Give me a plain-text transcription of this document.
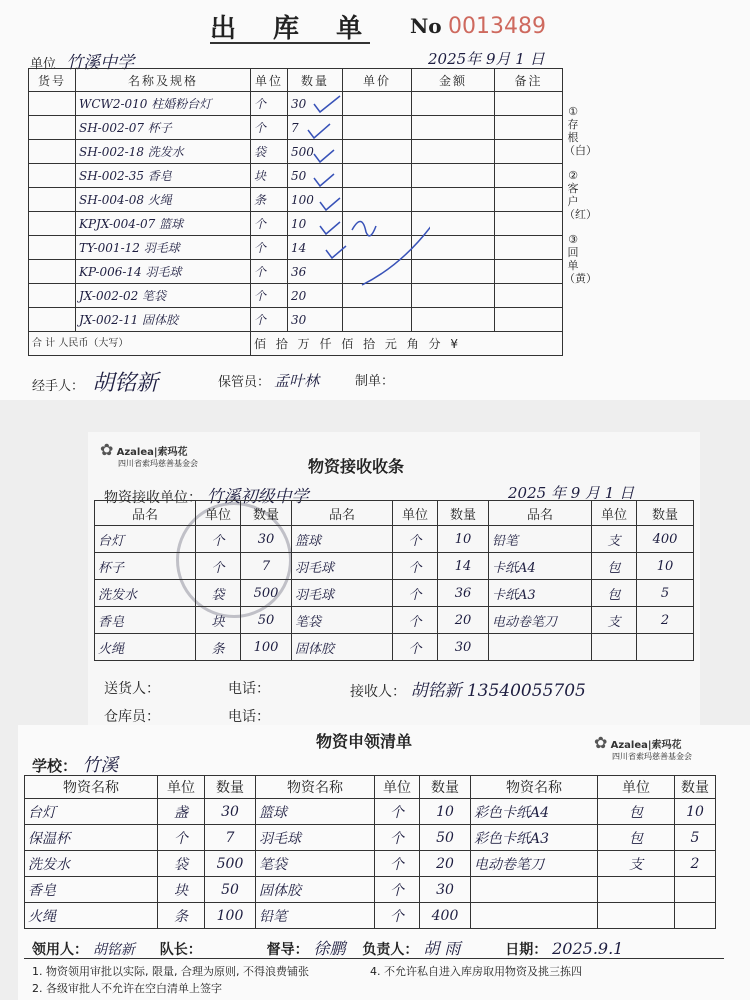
出 库 单 No 0013489
单位 竹溪中学	2025年 9月 1 日
货号	名称及规格	单位	数量	单价	金额	备注
	WCW2-010 柱婚粉台灯	个	30			
	SH-002-07 杯子	个	7			
	SH-002-18 洗发水	袋	500			
	SH-002-35 香皂	块	50			
	SH-004-08 火绳	条	100			
	KPJX-004-07 篮球	个	10			
	TY-001-12 羽毛球	个	14			
	KP-006-14 羽毛球	个	36			
	JX-002-02 笔袋	个	20			
	JX-002-11 固体胶	个	30			
合 计 人民币（大写）		佰 拾 万 仟 佰 拾 元 角 分 ¥				
①存根（白）
②客户（红）
③回单（黄）
经手人： 胡铭新	保管员： 孟叶林	制单：
✿ Azalea|索玛花
四川省索玛慈善基金会	物资接收收条
物资接收单位： 竹溪初级中学	2025 年 9 月 1 日
品名	单位	数量	品名	单位	数量	品名	单位	数量
台灯	个	30	篮球	个	10	铅笔	支	400
杯子	个	7	羽毛球	个	14	卡纸A4	包	10
洗发水	袋	500	羽毛球	个	36	卡纸A3	包	5
香皂	块	50	笔袋	个	20	电动卷笔刀	支	2
火绳	条	100	固体胶	个	30			
送货人：	电话：	接收人： 胡铭新 13540055705
仓库员：	电话：
物资申领清单	✿ Azalea|索玛花
四川省索玛慈善基金会
学校： 竹溪
物资名称	单位	数量	物资名称	单位	数量	物资名称	单位	数量
台灯	盏	30	篮球	个	10	彩色卡纸A4	包	10
保温杯	个	7	羽毛球	个	50	彩色卡纸A3	包	5
洗发水	袋	500	笔袋	个	20	电动卷笔刀	支	2
香皂	块	50	固体胶	个	30			
火绳	条	100	铅笔	个	400			
领用人： 胡铭新 队长：	督导： 徐鹏 负责人： 胡 雨	日期： 2025.9.1
1. 物资领用审批以实际, 限量, 合理为原则, 不得浪费铺张	4. 不允许私自进入库房取用物资及挑三拣四
2. 各级审批人不允许在空白清单上签字
